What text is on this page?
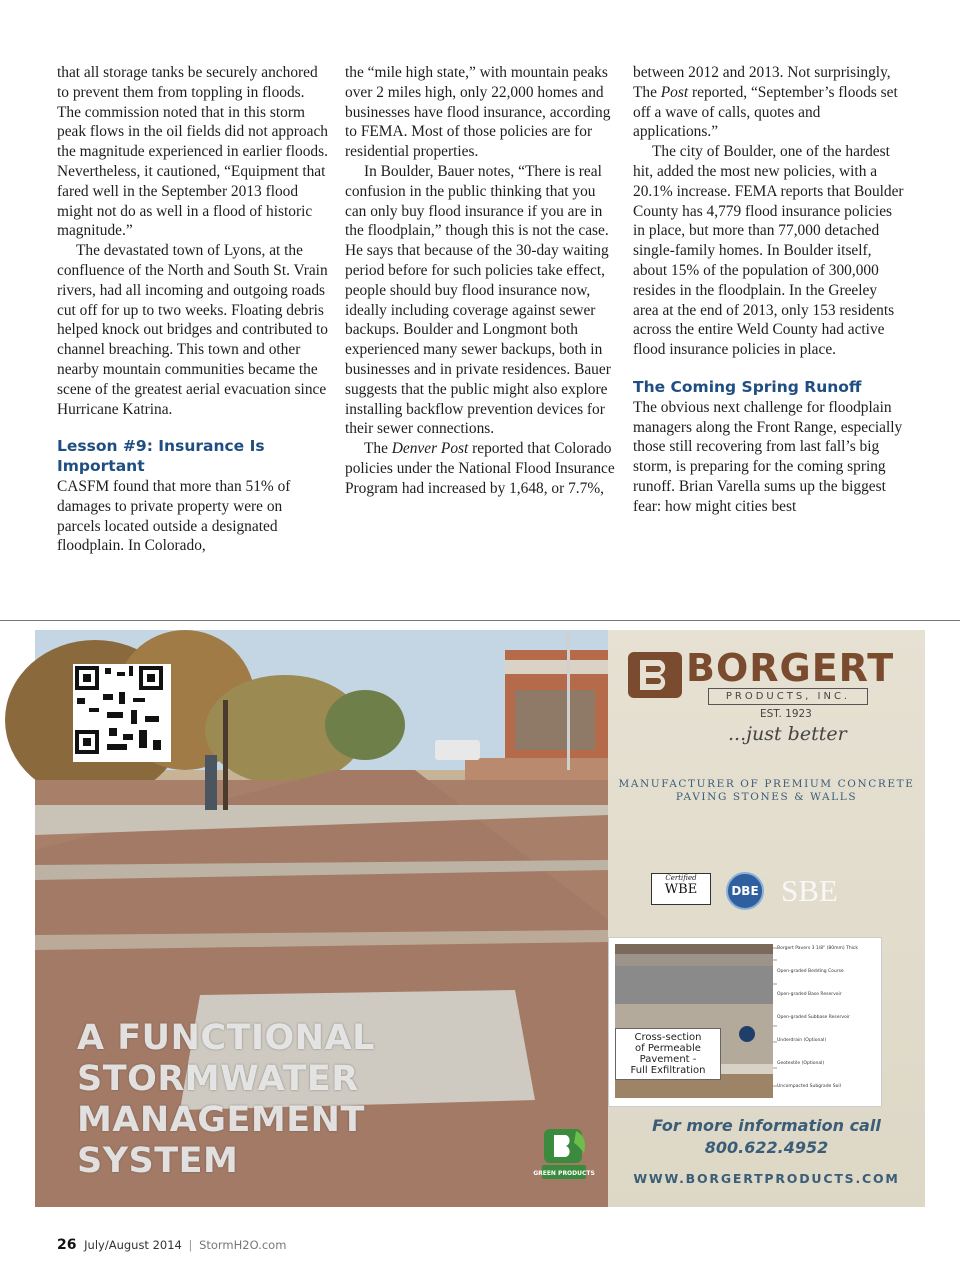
that all storage tanks be securely anchored to prevent them from toppling in floods. The commission noted that in this storm peak flows in the oil fields did not approach the magnitude experienced in earlier floods. Nevertheless, it cautioned, “Equipment that fared well in the September 2013 flood might not do as well in a flood of historic magnitude.”

The devastated town of Lyons, at the confluence of the North and South St. Vrain rivers, had all incoming and outgoing roads cut off for up to two weeks. Floating debris helped knock out bridges and contributed to channel breaching. This town and other nearby mountain communities became the scene of the greatest aerial evacuation since Hurricane Katrina.

Lesson #9: Insurance Is Important

CASFM found that more than 51% of damages to private property were on parcels located outside a designated floodplain. In Colorado,

the “mile high state,” with mountain peaks over 2 miles high, only 22,000 homes and businesses have flood insurance, according to FEMA. Most of those policies are for residential properties.

In Boulder, Bauer notes, “There is real confusion in the public thinking that you can only buy flood insurance if you are in the floodplain,” though this is not the case. He says that because of the 30-day waiting period before for such policies take effect, people should buy flood insurance now, ideally including coverage against sewer backups. Boulder and Longmont both experienced many sewer backups, both in businesses and in private residences. Bauer suggests that the public might also explore installing backflow prevention devices for their sewer connections.

The Denver Post reported that Colorado policies under the National Flood Insurance Program had increased by 1,648, or 7.7%,

between 2012 and 2013. Not surprisingly, The Post reported, “September’s floods set off a wave of calls, quotes and applications.”

The city of Boulder, one of the hardest hit, added the most new policies, with a 20.1% increase. FEMA reports that Boulder County has 4,779 flood insurance policies in place, but more than 77,000 detached single-family homes. In Boulder itself, about 15% of the population of 300,000 resides in the floodplain. In the Greeley area at the end of 2013, only 153 residents across the entire Weld County had active flood insurance policies in place.

The Coming Spring Runoff

The obvious next challenge for floodplain managers along the Front Range, especially those still recovering from last fall’s big storm, is preparing for the coming spring runoff. Brian Varella sums up the biggest fear: how might cities best

A FUNCTIONAL
STORMWATER
MANAGEMENT
SYSTEM
BORGERT
PRODUCTS, INC.
EST. 1923
...just better
MANUFACTURER OF PREMIUM CONCRETE
PAVING STONES & WALLS
Certified
WBE	DBE SBE
Cross-section
of Permeable
Pavement -
Full Exfiltration
Borgert Pavers 3 1/8" (80mm) Thick
Open-graded Bedding Course
Open-graded Base Reservoir
Open-graded Subbase Reservoir
Underdrain (Optional)
Geotextile (Optional)
Uncompacted Subgrade Soil
For more information call
800.622.4952
WWW.BORGERTPRODUCTS.COM
GREEN PRODUCTS
26 July/August 2014 | StormH2O.com
